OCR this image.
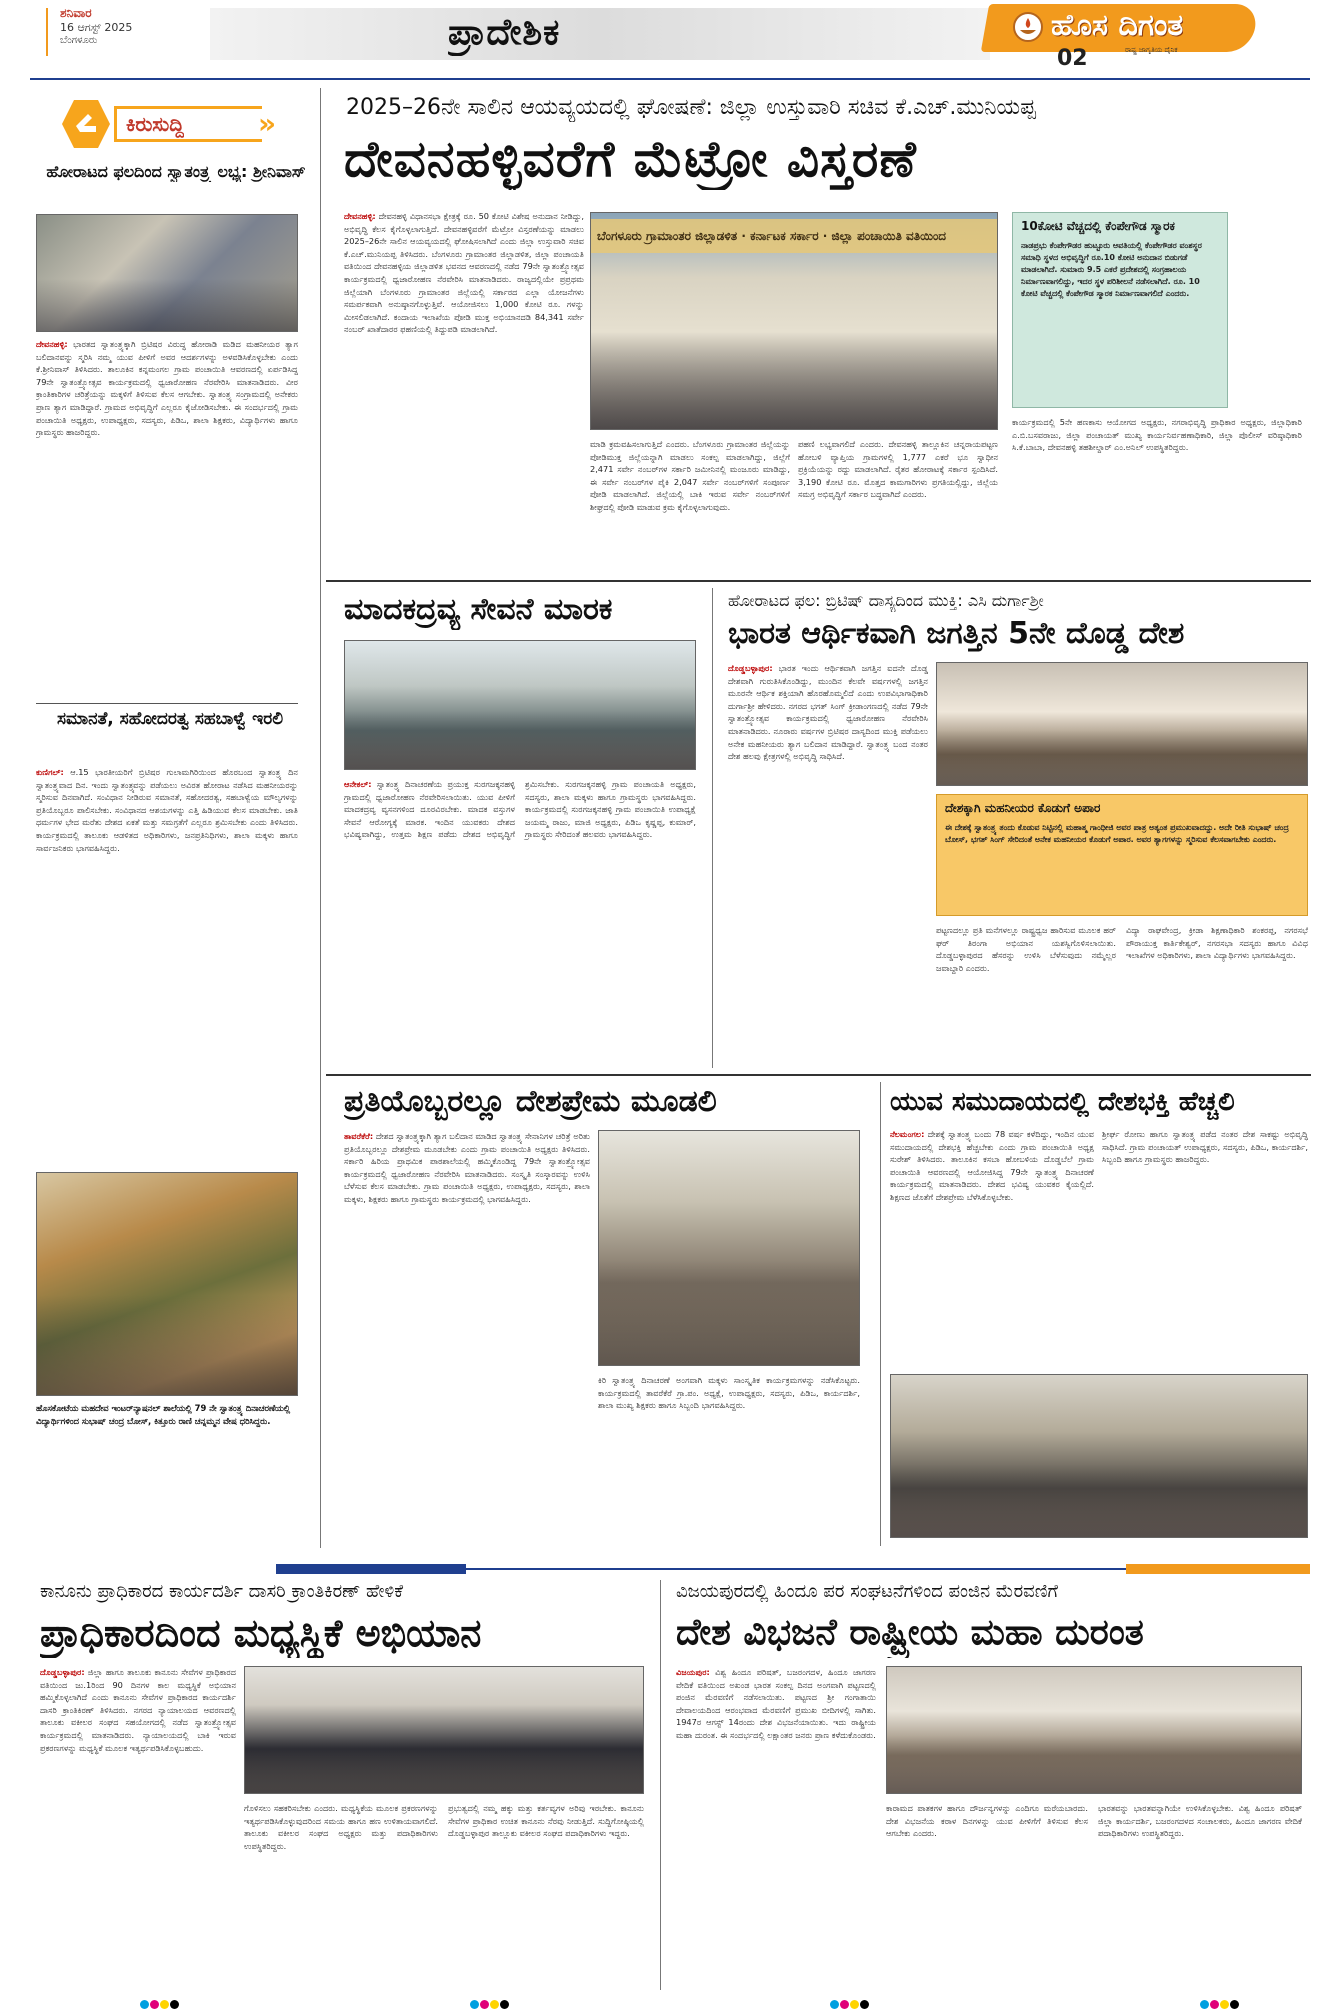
ಶನಿವಾರ
16 ಆಗಸ್ಟ್ 2025
ಬೆಂಗಳೂರು	ಪ್ರಾದೇಶಿಕ	ಹೊಸ ದಿಗಂತ
ರಾಷ್ಟ್ರ ಜಾಗೃತಿಯ ದೈನಿಕ
02
ಕಿರುಸುದ್ದಿ	»
ಹೋರಾಟದ ಫಲದಿಂದ ಸ್ವಾತಂತ್ರ್ಯ ಲಭ್ಯ: ಶ್ರೀನಿವಾಸ್
ದೇವನಹಳ್ಳಿ: ಭಾರತದ ಸ್ವಾತಂತ್ರ್ಯಕ್ಕಾಗಿ ಬ್ರಿಟಿಷರ ವಿರುದ್ಧ ಹೋರಾಡಿ ಮಡಿದ ಮಹನೀಯರ ತ್ಯಾಗ ಬಲಿದಾನವನ್ನು ಸ್ಮರಿಸಿ ನಮ್ಮ ಯುವ ಪೀಳಿಗೆ ಅವರ ಆದರ್ಶಗಳನ್ನು ಅಳವಡಿಸಿಕೊಳ್ಳಬೇಕು ಎಂದು ಕೆ.ಶ್ರೀನಿವಾಸ್ ತಿಳಿಸಿದರು. ತಾಲೂಕಿನ ಕನ್ನಮಂಗಲ ಗ್ರಾಮ ಪಂಚಾಯಿತಿ ಆವರಣದಲ್ಲಿ ಏರ್ಪಡಿಸಿದ್ದ 79ನೇ ಸ್ವಾತಂತ್ರ್ಯೋತ್ಸವ ಕಾರ್ಯಕ್ರಮದಲ್ಲಿ ಧ್ವಜಾರೋಹಣ ನೆರವೇರಿಸಿ ಮಾತನಾಡಿದರು. ವೀರ ಕ್ರಾಂತಿಕಾರಿಗಳ ಚರಿತ್ರೆಯನ್ನು ಮಕ್ಕಳಿಗೆ ತಿಳಿಸುವ ಕೆಲಸ ಆಗಬೇಕು. ಸ್ವಾತಂತ್ರ್ಯ ಸಂಗ್ರಾಮದಲ್ಲಿ ಅನೇಕರು ಪ್ರಾಣ ತ್ಯಾಗ ಮಾಡಿದ್ದಾರೆ. ಗ್ರಾಮದ ಅಭಿವೃದ್ಧಿಗೆ ಎಲ್ಲರೂ ಕೈಜೋಡಿಸಬೇಕು. ಈ ಸಂದರ್ಭದಲ್ಲಿ ಗ್ರಾಮ ಪಂಚಾಯಿತಿ ಅಧ್ಯಕ್ಷರು, ಉಪಾಧ್ಯಕ್ಷರು, ಸದಸ್ಯರು, ಪಿಡಿಒ, ಶಾಲಾ ಶಿಕ್ಷಕರು, ವಿದ್ಯಾರ್ಥಿಗಳು ಹಾಗೂ ಗ್ರಾಮಸ್ಥರು ಹಾಜರಿದ್ದರು.
ಸಮಾನತೆ, ಸಹೋದರತ್ವ ಸಹಬಾಳ್ವೆ ಇರಲಿ
ಕುಣಿಗಲ್: ಆ.15 ಭಾರತೀಯರಿಗೆ ಬ್ರಿಟಿಷರ ಗುಲಾಮಗಿರಿಯಿಂದ ಹೊರಬಂದ ಸ್ವಾತಂತ್ರ್ಯ ದಿನ ಸ್ವಾತಂತ್ರ್ಯವಾದ ದಿನ. ಇಂದು ಸ್ವಾತಂತ್ರ್ಯವನ್ನು ಪಡೆಯಲು ಅವಿರತ ಹೋರಾಟ ನಡೆಸಿದ ಮಹನೀಯರನ್ನು ಸ್ಮರಿಸುವ ದಿನವಾಗಿದೆ. ಸಂವಿಧಾನ ನೀಡಿರುವ ಸಮಾನತೆ, ಸಹೋದರತ್ವ, ಸಹಬಾಳ್ವೆಯ ಮೌಲ್ಯಗಳನ್ನು ಪ್ರತಿಯೊಬ್ಬರೂ ಪಾಲಿಸಬೇಕು. ಸಂವಿಧಾನದ ಆಶಯಗಳನ್ನು ಎತ್ತಿ ಹಿಡಿಯುವ ಕೆಲಸ ಮಾಡಬೇಕು. ಜಾತಿ ಧರ್ಮಗಳ ಭೇದ ಮರೆತು ದೇಶದ ಏಕತೆ ಮತ್ತು ಸಮಗ್ರತೆಗೆ ಎಲ್ಲರೂ ಶ್ರಮಿಸಬೇಕು ಎಂದು ತಿಳಿಸಿದರು. ಕಾರ್ಯಕ್ರಮದಲ್ಲಿ ತಾಲೂಕು ಆಡಳಿತದ ಅಧಿಕಾರಿಗಳು, ಜನಪ್ರತಿನಿಧಿಗಳು, ಶಾಲಾ ಮಕ್ಕಳು ಹಾಗೂ ಸಾರ್ವಜನಿಕರು ಭಾಗವಹಿಸಿದ್ದರು.
ಹೊಸಕೋಟೆಯ ಮಹದೇವ ಇಂಟರ್‌ನ್ಯಾಷನಲ್ ಶಾಲೆಯಲ್ಲಿ 79 ನೇ ಸ್ವಾತಂತ್ರ್ಯ ದಿನಾಚರಣೆಯಲ್ಲಿ ವಿದ್ಯಾರ್ಥಿಗಳಿಂದ ಸುಭಾಷ್ ಚಂದ್ರ ಬೋಸ್, ಕಿತ್ತೂರು ರಾಣಿ ಚನ್ನಮ್ಮನ ವೇಷ ಧರಿಸಿದ್ದರು.
2025–26ನೇ ಸಾಲಿನ ಆಯವ್ಯಯದಲ್ಲಿ ಘೋಷಣೆ: ಜಿಲ್ಲಾ ಉಸ್ತುವಾರಿ ಸಚಿವ ಕೆ.ಎಚ್.ಮುನಿಯಪ್ಪ
ದೇವನಹಳ್ಳಿವರೆಗೆ ಮೆಟ್ರೋ ವಿಸ್ತರಣೆ
ದೇವನಹಳ್ಳಿ: ದೇವನಹಳ್ಳಿ ವಿಧಾನಸಭಾ ಕ್ಷೇತ್ರಕ್ಕೆ ರೂ. 50 ಕೋಟಿ ವಿಶೇಷ ಅನುದಾನ ನೀಡಿದ್ದು, ಅಭಿವೃದ್ಧಿ ಕೆಲಸ ಕೈಗೊಳ್ಳಲಾಗುತ್ತಿದೆ. ದೇವನಹಳ್ಳಿವರೆಗೆ ಮೆಟ್ರೋ ವಿಸ್ತರಣೆಯನ್ನು ಮಾಡಲು 2025–26ನೇ ಸಾಲಿನ ಆಯವ್ಯಯದಲ್ಲಿ ಘೋಷಿಸಲಾಗಿದೆ ಎಂದು ಜಿಲ್ಲಾ ಉಸ್ತುವಾರಿ ಸಚಿವ ಕೆ.ಎಚ್.ಮುನಿಯಪ್ಪ ತಿಳಿಸಿದರು. ಬೆಂಗಳೂರು ಗ್ರಾಮಾಂತರ ಜಿಲ್ಲಾಡಳಿತ, ಜಿಲ್ಲಾ ಪಂಚಾಯತಿ ವತಿಯಿಂದ ದೇವನಹಳ್ಳಿಯ ಜಿಲ್ಲಾಡಳಿತ ಭವನದ ಆವರಣದಲ್ಲಿ ನಡೆದ 79ನೇ ಸ್ವಾತಂತ್ರ್ಯೋತ್ಸವ ಕಾರ್ಯಕ್ರಮದಲ್ಲಿ ಧ್ವಜಾರೋಹಣ ನೆರವೇರಿಸಿ ಮಾತನಾಡಿದರು. ರಾಜ್ಯದಲ್ಲಿಯೇ ಪ್ರಪ್ರಥಮ ಜಿಲ್ಲೆಯಾಗಿ ಬೆಂಗಳೂರು ಗ್ರಾಮಾಂತರ ಜಿಲ್ಲೆಯಲ್ಲಿ ಸರ್ಕಾರದ ಎಲ್ಲಾ ಯೋಜನೆಗಳು ಸಮರ್ಪಕವಾಗಿ ಅನುಷ್ಠಾನಗೊಳ್ಳುತ್ತಿವೆ. ಆಯೋಜಿಸಲು 1,000 ಕೋಟಿ ರೂ. ಗಳನ್ನು ಮೀಸಲಿಡಲಾಗಿದೆ. ಕಂದಾಯ ಇಲಾಖೆಯ ಪೋಡಿ ಮುಕ್ತ ಅಭಿಯಾನದಡಿ 84,341 ಸರ್ವೇ ನಂಬರ್ ಖಾತೆದಾರರ ಫಹಣಿಯಲ್ಲಿ ತಿದ್ದುಪಡಿ ಮಾಡಲಾಗಿದೆ.
ಬೆಂಗಳೂರು ಗ್ರಾಮಾಂತರ ಜಿಲ್ಲಾಡಳಿತ · ಕರ್ನಾಟಕ ಸರ್ಕಾರ · ಜಿಲ್ಲಾ ಪಂಚಾಯಿತಿ ವತಿಯಿಂದ
ಮಾಡಿ ಕ್ರಮವಹಿಸಲಾಗುತ್ತಿದೆ ಎಂದರು. ಬೆಂಗಳೂರು ಗ್ರಾಮಾಂತರ ಜಿಲ್ಲೆಯನ್ನು ಪೋಡಿಮುಕ್ತ ಜಿಲ್ಲೆಯನ್ನಾಗಿ ಮಾಡಲು ಸಂಕಲ್ಪ ಮಾಡಲಾಗಿದ್ದು, ಜಿಲ್ಲೆಗೆ 2,471 ಸರ್ವೇ ನಂಬರ್‌ಗಳ ಸರ್ಕಾರಿ ಜಮೀನಿನಲ್ಲಿ ಮಂಜೂರು ಮಾಡಿದ್ದು, ಈ ಸರ್ವೇ ನಂಬರ್‌ಗಳ ಪೈಕಿ 2,047 ಸರ್ವೇ ನಂಬರ್‌ಗಳಿಗೆ ಸಂಪೂರ್ಣ ಪೋಡಿ ಮಾಡಲಾಗಿದೆ. ಜಿಲ್ಲೆಯಲ್ಲಿ ಬಾಕಿ ಇರುವ ಸರ್ವೇ ನಂಬರ್‌ಗಳಿಗೆ ಶೀಘ್ರದಲ್ಲಿ ಪೋಡಿ ಮಾಡುವ ಕ್ರಮ ಕೈಗೊಳ್ಳಲಾಗುವುದು.
ಪಹಣಿ ಲಭ್ಯವಾಗಲಿದೆ ಎಂದರು. ದೇವನಹಳ್ಳಿ ತಾಲ್ಲೂಕಿನ ಚನ್ನರಾಯಪಟ್ಟಣ ಹೋಬಳಿ ವ್ಯಾಪ್ತಿಯ ಗ್ರಾಮಗಳಲ್ಲಿ 1,777 ಎಕರೆ ಭೂ ಸ್ವಾಧೀನ ಪ್ರಕ್ರಿಯೆಯನ್ನು ರದ್ದು ಮಾಡಲಾಗಿದೆ. ರೈತರ ಹೋರಾಟಕ್ಕೆ ಸರ್ಕಾರ ಸ್ಪಂದಿಸಿದೆ. 3,190 ಕೋಟಿ ರೂ. ಮೊತ್ತದ ಕಾಮಗಾರಿಗಳು ಪ್ರಗತಿಯಲ್ಲಿದ್ದು, ಜಿಲ್ಲೆಯ ಸಮಗ್ರ ಅಭಿವೃದ್ಧಿಗೆ ಸರ್ಕಾರ ಬದ್ಧವಾಗಿದೆ ಎಂದರು.
10ಕೋಟಿ ವೆಚ್ಚದಲ್ಲಿ ಕೆಂಪೇಗೌಡ ಸ್ಮಾರಕ
ನಾಡಪ್ರಭು ಕೆಂಪೇಗೌಡರ ಹುಟ್ಟೂರು ಆವತಿಯಲ್ಲಿ ಕೆಂಪೇಗೌಡರ ವಂಶಸ್ಥರ ಸಮಾಧಿ ಸ್ಥಳದ ಅಭಿವೃದ್ಧಿಗೆ ರೂ.10 ಕೋಟಿ ಅನುದಾನ ಬಿಡುಗಡೆ ಮಾಡಲಾಗಿದೆ. ಸುಮಾರು 9.5 ಎಕರೆ ಪ್ರದೇಶದಲ್ಲಿ ಸಂಗ್ರಹಾಲಯ ನಿರ್ಮಾಣವಾಗಲಿದ್ದು, ಇದರ ಸ್ಥಳ ಪರಿಶೀಲನೆ ನಡೆಸಲಾಗಿದೆ. ರೂ. 10 ಕೋಟಿ ವೆಚ್ಚದಲ್ಲಿ ಕೆಂಪೇಗೌಡ ಸ್ಮಾರಕ ನಿರ್ಮಾಣವಾಗಲಿದೆ ಎಂದರು.
ಕಾರ್ಯಕ್ರಮದಲ್ಲಿ 5ನೇ ಹಣಕಾಸು ಆಯೋಗದ ಅಧ್ಯಕ್ಷರು, ನಗರಾಭಿವೃದ್ಧಿ ಪ್ರಾಧಿಕಾರ ಅಧ್ಯಕ್ಷರು, ಜಿಲ್ಲಾಧಿಕಾರಿ ಎ.ಬಿ.ಬಸವರಾಜು, ಜಿಲ್ಲಾ ಪಂಚಾಯತ್ ಮುಖ್ಯ ಕಾರ್ಯನಿರ್ವಹಣಾಧಿಕಾರಿ, ಜಿಲ್ಲಾ ಪೊಲೀಸ್ ವರಿಷ್ಠಾಧಿಕಾರಿ ಸಿ.ಕೆ.ಬಾಬಾ, ದೇವನಹಳ್ಳಿ ತಹಶೀಲ್ದಾರ್ ಎಂ.ಅನಿಲ್ ಉಪಸ್ಥಿತರಿದ್ದರು.
ಮಾದಕದ್ರವ್ಯ ಸೇವನೆ ಮಾರಕ
ಆನೇಕಲ್: ಸ್ವಾತಂತ್ರ್ಯ ದಿನಾಚರಣೆಯ ಪ್ರಯುಕ್ತ ಸುರಗಜಕ್ಕನಹಳ್ಳಿ ಗ್ರಾಮದಲ್ಲಿ ಧ್ವಜಾರೋಹಣ ನೆರವೇರಿಸಲಾಯಿತು. ಯುವ ಪೀಳಿಗೆ ಮಾದಕದ್ರವ್ಯ ವ್ಯಸನಗಳಿಂದ ದೂರವಿರಬೇಕು. ಮಾದಕ ವಸ್ತುಗಳ ಸೇವನೆ ಆರೋಗ್ಯಕ್ಕೆ ಮಾರಕ. ಇಂದಿನ ಯುವಕರು ದೇಶದ ಭವಿಷ್ಯವಾಗಿದ್ದು, ಉತ್ತಮ ಶಿಕ್ಷಣ ಪಡೆದು ದೇಶದ ಅಭಿವೃದ್ಧಿಗೆ ಶ್ರಮಿಸಬೇಕು. ಸುರಗಜಕ್ಕನಹಳ್ಳಿ ಗ್ರಾಮ ಪಂಚಾಯತಿ ಅಧ್ಯಕ್ಷರು, ಸದಸ್ಯರು, ಶಾಲಾ ಮಕ್ಕಳು ಹಾಗೂ ಗ್ರಾಮಸ್ಥರು ಭಾಗವಹಿಸಿದ್ದರು. ಕಾರ್ಯಕ್ರಮದಲ್ಲಿ ಸುರಗಜಕ್ಕನಹಳ್ಳಿ ಗ್ರಾಮ ಪಂಚಾಯಿತಿ ಉಪಾಧ್ಯಕ್ಷೆ ಜಯಮ್ಮ ರಾಜು, ಮಾಜಿ ಅಧ್ಯಕ್ಷರು, ಪಿಡಿಒ ಕೃಷ್ಣಪ್ಪ, ಕುಮಾರ್, ಗ್ರಾಮಸ್ಥರು ಸೇರಿದಂತೆ ಹಲವರು ಭಾಗವಹಿಸಿದ್ದರು.
ಹೋರಾಟದ ಫಲ: ಬ್ರಿಟಿಷ್ ದಾಸ್ಯದಿಂದ ಮುಕ್ತಿ: ಎಸಿ ದುರ್ಗಾಶ್ರೀ
ಭಾರತ ಆರ್ಥಿಕವಾಗಿ ಜಗತ್ತಿನ 5ನೇ ದೊಡ್ಡ ದೇಶ
ದೊಡ್ಡಬಳ್ಳಾಪುರ: ಭಾರತ ಇಂದು ಆರ್ಥಿಕವಾಗಿ ಜಗತ್ತಿನ ಐದನೇ ದೊಡ್ಡ ದೇಶವಾಗಿ ಗುರುತಿಸಿಕೊಂಡಿದ್ದು, ಮುಂದಿನ ಕೆಲವೇ ವರ್ಷಗಳಲ್ಲಿ ಜಗತ್ತಿನ ಮೂರನೇ ಆರ್ಥಿಕ ಶಕ್ತಿಯಾಗಿ ಹೊರಹೊಮ್ಮಲಿದೆ ಎಂದು ಉಪವಿಭಾಗಾಧಿಕಾರಿ ದುರ್ಗಾಶ್ರೀ ಹೇಳಿದರು. ನಗರದ ಭಗತ್ ಸಿಂಗ್ ಕ್ರೀಡಾಂಗಣದಲ್ಲಿ ನಡೆದ 79ನೇ ಸ್ವಾತಂತ್ರ್ಯೋತ್ಸವ ಕಾರ್ಯಕ್ರಮದಲ್ಲಿ ಧ್ವಜಾರೋಹಣ ನೆರವೇರಿಸಿ ಮಾತನಾಡಿದರು. ನೂರಾರು ವರ್ಷಗಳ ಬ್ರಿಟಿಷರ ದಾಸ್ಯದಿಂದ ಮುಕ್ತಿ ಪಡೆಯಲು ಅನೇಕ ಮಹನೀಯರು ತ್ಯಾಗ ಬಲಿದಾನ ಮಾಡಿದ್ದಾರೆ. ಸ್ವಾತಂತ್ರ್ಯ ಬಂದ ನಂತರ ದೇಶ ಹಲವು ಕ್ಷೇತ್ರಗಳಲ್ಲಿ ಅಭಿವೃದ್ಧಿ ಸಾಧಿಸಿದೆ.
ದೇಶಕ್ಕಾಗಿ ಮಹನೀಯರ ಕೊಡುಗೆ ಅಪಾರ
ಈ ದೇಶಕ್ಕೆ ಸ್ವಾತಂತ್ರ್ಯ ತಂದು ಕೊಡುವ ನಿಟ್ಟಿನಲ್ಲಿ ಮಹಾತ್ಮ ಗಾಂಧೀಜಿ ಅವರ ಪಾತ್ರ ಅತ್ಯಂತ ಪ್ರಮುಖವಾದದ್ದು. ಅದೇ ರೀತಿ ಸುಭಾಷ್ ಚಂದ್ರ ಬೋಸ್, ಭಗತ್ ಸಿಂಗ್ ಸೇರಿದಂತೆ ಅನೇಕ ಮಹನೀಯರ ಕೊಡುಗೆ ಅಪಾರ. ಅವರ ತ್ಯಾಗಗಳನ್ನು ಸ್ಮರಿಸುವ ಕೆಲಸವಾಗಬೇಕು ಎಂದರು.
ಪಟ್ಟಣದಲ್ಲೂ ಪ್ರತಿ ಮನೆಗಳಲ್ಲೂ ರಾಷ್ಟ್ರಧ್ವಜ ಹಾರಿಸುವ ಮೂಲಕ ಹರ್ ಘರ್ ತಿರಂಗಾ ಅಭಿಯಾನ ಯಶಸ್ವಿಗೊಳಿಸಲಾಯಿತು. ದೊಡ್ಡಬಳ್ಳಾಪುರದ ಹೆಸರನ್ನು ಉಳಿಸಿ ಬೆಳೆಸುವುದು ನಮ್ಮೆಲ್ಲರ ಜವಾಬ್ದಾರಿ ಎಂದರು.
ವಿದ್ಯಾ ರಾಘವೇಂದ್ರ, ಕ್ರೀಡಾ ಶಿಕ್ಷಣಾಧಿಕಾರಿ ಶಂಕರಪ್ಪ, ನಗರಸಭೆ ಪೌರಾಯುಕ್ತ ಕಾರ್ತಿಕೇಶ್ವರ್, ನಗರಸಭಾ ಸದಸ್ಯರು ಹಾಗೂ ವಿವಿಧ ಇಲಾಖೆಗಳ ಅಧಿಕಾರಿಗಳು, ಶಾಲಾ ವಿದ್ಯಾರ್ಥಿಗಳು ಭಾಗವಹಿಸಿದ್ದರು.
ಪ್ರತಿಯೊಬ್ಬರಲ್ಲೂ ದೇಶಪ್ರೇಮ ಮೂಡಲಿ
ತಾವರೆಕೆರೆ: ದೇಶದ ಸ್ವಾತಂತ್ರ್ಯಕ್ಕಾಗಿ ತ್ಯಾಗ ಬಲಿದಾನ ಮಾಡಿದ ಸ್ವಾತಂತ್ರ್ಯ ಸೇನಾನಿಗಳ ಚರಿತ್ರೆ ಅರಿತು ಪ್ರತಿಯೊಬ್ಬರಲ್ಲೂ ದೇಶಪ್ರೇಮ ಮೂಡಬೇಕು ಎಂದು ಗ್ರಾಮ ಪಂಚಾಯಿತಿ ಅಧ್ಯಕ್ಷರು ತಿಳಿಸಿದರು. ಸರ್ಕಾರಿ ಹಿರಿಯ ಪ್ರಾಥಮಿಕ ಪಾಠಶಾಲೆಯಲ್ಲಿ ಹಮ್ಮಿಕೊಂಡಿದ್ದ 79ನೇ ಸ್ವಾತಂತ್ರ್ಯೋತ್ಸವ ಕಾರ್ಯಕ್ರಮದಲ್ಲಿ ಧ್ವಜಾರೋಹಣ ನೆರವೇರಿಸಿ ಮಾತನಾಡಿದರು. ಸಂಸ್ಕೃತಿ ಸಂಸ್ಕಾರವನ್ನು ಉಳಿಸಿ ಬೆಳೆಸುವ ಕೆಲಸ ಮಾಡಬೇಕು. ಗ್ರಾಮ ಪಂಚಾಯಿತಿ ಅಧ್ಯಕ್ಷರು, ಉಪಾಧ್ಯಕ್ಷರು, ಸದಸ್ಯರು, ಶಾಲಾ ಮಕ್ಕಳು, ಶಿಕ್ಷಕರು ಹಾಗೂ ಗ್ರಾಮಸ್ಥರು ಕಾರ್ಯಕ್ರಮದಲ್ಲಿ ಭಾಗವಹಿಸಿದ್ದರು.
ಕಿರಿ ಸ್ವಾತಂತ್ರ್ಯ ದಿನಾಚರಣೆ ಅಂಗವಾಗಿ ಮಕ್ಕಳು ಸಾಂಸ್ಕೃತಿಕ ಕಾರ್ಯಕ್ರಮಗಳನ್ನು ನಡೆಸಿಕೊಟ್ಟರು. ಕಾರ್ಯಕ್ರಮದಲ್ಲಿ ತಾವರೆಕೆರೆ ಗ್ರಾ.ಪಂ. ಅಧ್ಯಕ್ಷೆ, ಉಪಾಧ್ಯಕ್ಷರು, ಸದಸ್ಯರು, ಪಿಡಿಒ, ಕಾರ್ಯದರ್ಶಿ, ಶಾಲಾ ಮುಖ್ಯ ಶಿಕ್ಷಕರು ಹಾಗೂ ಸಿಬ್ಬಂದಿ ಭಾಗವಹಿಸಿದ್ದರು.
ಯುವ ಸಮುದಾಯದಲ್ಲಿ ದೇಶಭಕ್ತಿ ಹೆಚ್ಚಲಿ
ನೆಲಮಂಗಲ: ದೇಶಕ್ಕೆ ಸ್ವಾತಂತ್ರ್ಯ ಬಂದು 78 ವರ್ಷ ಕಳೆದಿದ್ದು, ಇಂದಿನ ಯುವ ಸಮುದಾಯದಲ್ಲಿ ದೇಶಭಕ್ತಿ ಹೆಚ್ಚಬೇಕು ಎಂದು ಗ್ರಾಮ ಪಂಚಾಯಿತಿ ಅಧ್ಯಕ್ಷ ಸುರೇಶ್ ತಿಳಿಸಿದರು. ತಾಲೂಕಿನ ಕಸಬಾ ಹೋಬಳಿಯ ದೊಡ್ಡಬೆಲೆ ಗ್ರಾಮ ಪಂಚಾಯಿತಿ ಆವರಣದಲ್ಲಿ ಆಯೋಜಿಸಿದ್ದ 79ನೇ ಸ್ವಾತಂತ್ರ್ಯ ದಿನಾಚರಣೆ ಕಾರ್ಯಕ್ರಮದಲ್ಲಿ ಮಾತನಾಡಿದರು. ದೇಶದ ಭವಿಷ್ಯ ಯುವಕರ ಕೈಯಲ್ಲಿದೆ. ಶಿಕ್ಷಣದ ಜೊತೆಗೆ ದೇಶಪ್ರೇಮ ಬೆಳೆಸಿಕೊಳ್ಳಬೇಕು.
ಶ್ರೀರ್ಘ ರೋಣು ಹಾಗೂ ಸ್ವಾತಂತ್ರ್ಯ ಪಡೆದ ನಂತರ ದೇಶ ಸಾಕಷ್ಟು ಅಭಿವೃದ್ಧಿ ಸಾಧಿಸಿದೆ. ಗ್ರಾಮ ಪಂಚಾಯತ್ ಉಪಾಧ್ಯಕ್ಷರು, ಸದಸ್ಯರು, ಪಿಡಿಒ, ಕಾರ್ಯದರ್ಶಿ, ಸಿಬ್ಬಂದಿ ಹಾಗೂ ಗ್ರಾಮಸ್ಥರು ಹಾಜರಿದ್ದರು.
ಕಾನೂನು ಪ್ರಾಧಿಕಾರದ ಕಾರ್ಯದರ್ಶಿ ದಾಸರಿ ಕ್ರಾಂತಿಕಿರಣ್ ಹೇಳಿಕೆ
ಪ್ರಾಧಿಕಾರದಿಂದ ಮಧ್ಯಸ್ಥಿಕೆ ಅಭಿಯಾನ
ದೊಡ್ಡಬಳ್ಳಾಪುರ: ಜಿಲ್ಲಾ ಹಾಗೂ ತಾಲೂಕು ಕಾನೂನು ಸೇವೆಗಳ ಪ್ರಾಧಿಕಾರದ ವತಿಯಿಂದ ಜು.1ರಿಂದ 90 ದಿನಗಳ ಕಾಲ ಮಧ್ಯಸ್ಥಿಕೆ ಅಭಿಯಾನ ಹಮ್ಮಿಕೊಳ್ಳಲಾಗಿದೆ ಎಂದು ಕಾನೂನು ಸೇವೆಗಳ ಪ್ರಾಧಿಕಾರದ ಕಾರ್ಯದರ್ಶಿ ದಾಸರಿ ಕ್ರಾಂತಿಕಿರಣ್ ತಿಳಿಸಿದರು. ನಗರದ ನ್ಯಾಯಾಲಯದ ಆವರಣದಲ್ಲಿ ತಾಲೂಕು ವಕೀಲರ ಸಂಘದ ಸಹಯೋಗದಲ್ಲಿ ನಡೆದ ಸ್ವಾತಂತ್ರ್ಯೋತ್ಸವ ಕಾರ್ಯಕ್ರಮದಲ್ಲಿ ಮಾತನಾಡಿದರು. ನ್ಯಾಯಾಲಯದಲ್ಲಿ ಬಾಕಿ ಇರುವ ಪ್ರಕರಣಗಳನ್ನು ಮಧ್ಯಸ್ಥಿಕೆ ಮೂಲಕ ಇತ್ಯರ್ಥಪಡಿಸಿಕೊಳ್ಳಬಹುದು.
ಗೊಳಿಸಲು ಸಹಕರಿಸಬೇಕು ಎಂದರು. ಮಧ್ಯಸ್ಥಿಕೆಯ ಮೂಲಕ ಪ್ರಕರಣಗಳನ್ನು ಇತ್ಯರ್ಥಪಡಿಸಿಕೊಳ್ಳುವುದರಿಂದ ಸಮಯ ಹಾಗೂ ಹಣ ಉಳಿತಾಯವಾಗಲಿದೆ. ತಾಲೂಕು ವಕೀಲರ ಸಂಘದ ಅಧ್ಯಕ್ಷರು ಮತ್ತು ಪದಾಧಿಕಾರಿಗಳು ಉಪಸ್ಥಿತರಿದ್ದರು.
ಪ್ರಭುತ್ವದಲ್ಲಿ ನಮ್ಮ ಹಕ್ಕು ಮತ್ತು ಕರ್ತವ್ಯಗಳ ಅರಿವು ಇರಬೇಕು. ಕಾನೂನು ಸೇವೆಗಳ ಪ್ರಾಧಿಕಾರ ಉಚಿತ ಕಾನೂನು ನೆರವು ನೀಡುತ್ತಿದೆ. ಸುದ್ದಿಗೋಷ್ಠಿಯಲ್ಲಿ ದೊಡ್ಡಬಳ್ಳಾಪುರ ತಾಲ್ಲೂಕು ವಕೀಲರ ಸಂಘದ ಪದಾಧಿಕಾರಿಗಳು ಇದ್ದರು.
ವಿಜಯಪುರದಲ್ಲಿ ಹಿಂದೂ ಪರ ಸಂಘಟನೆಗಳಿಂದ ಪಂಜಿನ ಮೆರವಣಿಗೆ
ದೇಶ ವಿಭಜನೆ ರಾಷ್ಟ್ರೀಯ ಮಹಾ ದುರಂತ
ವಿಜಯಪುರ: ವಿಶ್ವ ಹಿಂದೂ ಪರಿಷತ್, ಬಜರಂಗದಳ, ಹಿಂದೂ ಜಾಗರಣ ವೇದಿಕೆ ವತಿಯಿಂದ ಅಖಂಡ ಭಾರತ ಸಂಕಲ್ಪ ದಿನದ ಅಂಗವಾಗಿ ಪಟ್ಟಣದಲ್ಲಿ ಪಂಜಿನ ಮೆರವಣಿಗೆ ನಡೆಸಲಾಯಿತು. ಪಟ್ಟಣದ ಶ್ರೀ ಗಂಗಾತಾಯಿ ದೇವಾಲಯದಿಂದ ಆರಂಭವಾದ ಮೆರವಣಿಗೆ ಪ್ರಮುಖ ಬೀದಿಗಳಲ್ಲಿ ಸಾಗಿತು. 1947ರ ಆಗಸ್ಟ್ 14ರಂದು ದೇಶ ವಿಭಜನೆಯಾಯಿತು. ಇದು ರಾಷ್ಟ್ರೀಯ ಮಹಾ ದುರಂತ. ಈ ಸಂದರ್ಭದಲ್ಲಿ ಲಕ್ಷಾಂತರ ಜನರು ಪ್ರಾಣ ಕಳೆದುಕೊಂಡರು.
ಕಾರಾಮದ ಪಾತಕಗಳ ಹಾಗೂ ದೌರ್ಜನ್ಯಗಳನ್ನು ಎಂದಿಗೂ ಮರೆಯಬಾರದು. ದೇಶ ವಿಭಜನೆಯ ಕರಾಳ ದಿನಗಳನ್ನು ಯುವ ಪೀಳಿಗೆಗೆ ತಿಳಿಸುವ ಕೆಲಸ ಆಗಬೇಕು ಎಂದರು.
ಭಾರತವನ್ನು ಭಾರತವನ್ನಾಗಿಯೇ ಉಳಿಸಿಕೊಳ್ಳಬೇಕು. ವಿಶ್ವ ಹಿಂದೂ ಪರಿಷತ್ ಜಿಲ್ಲಾ ಕಾರ್ಯದರ್ಶಿ, ಬಜರಂಗದಳದ ಸಂಚಾಲಕರು, ಹಿಂದೂ ಜಾಗರಣ ವೇದಿಕೆ ಪದಾಧಿಕಾರಿಗಳು ಉಪಸ್ಥಿತರಿದ್ದರು.
